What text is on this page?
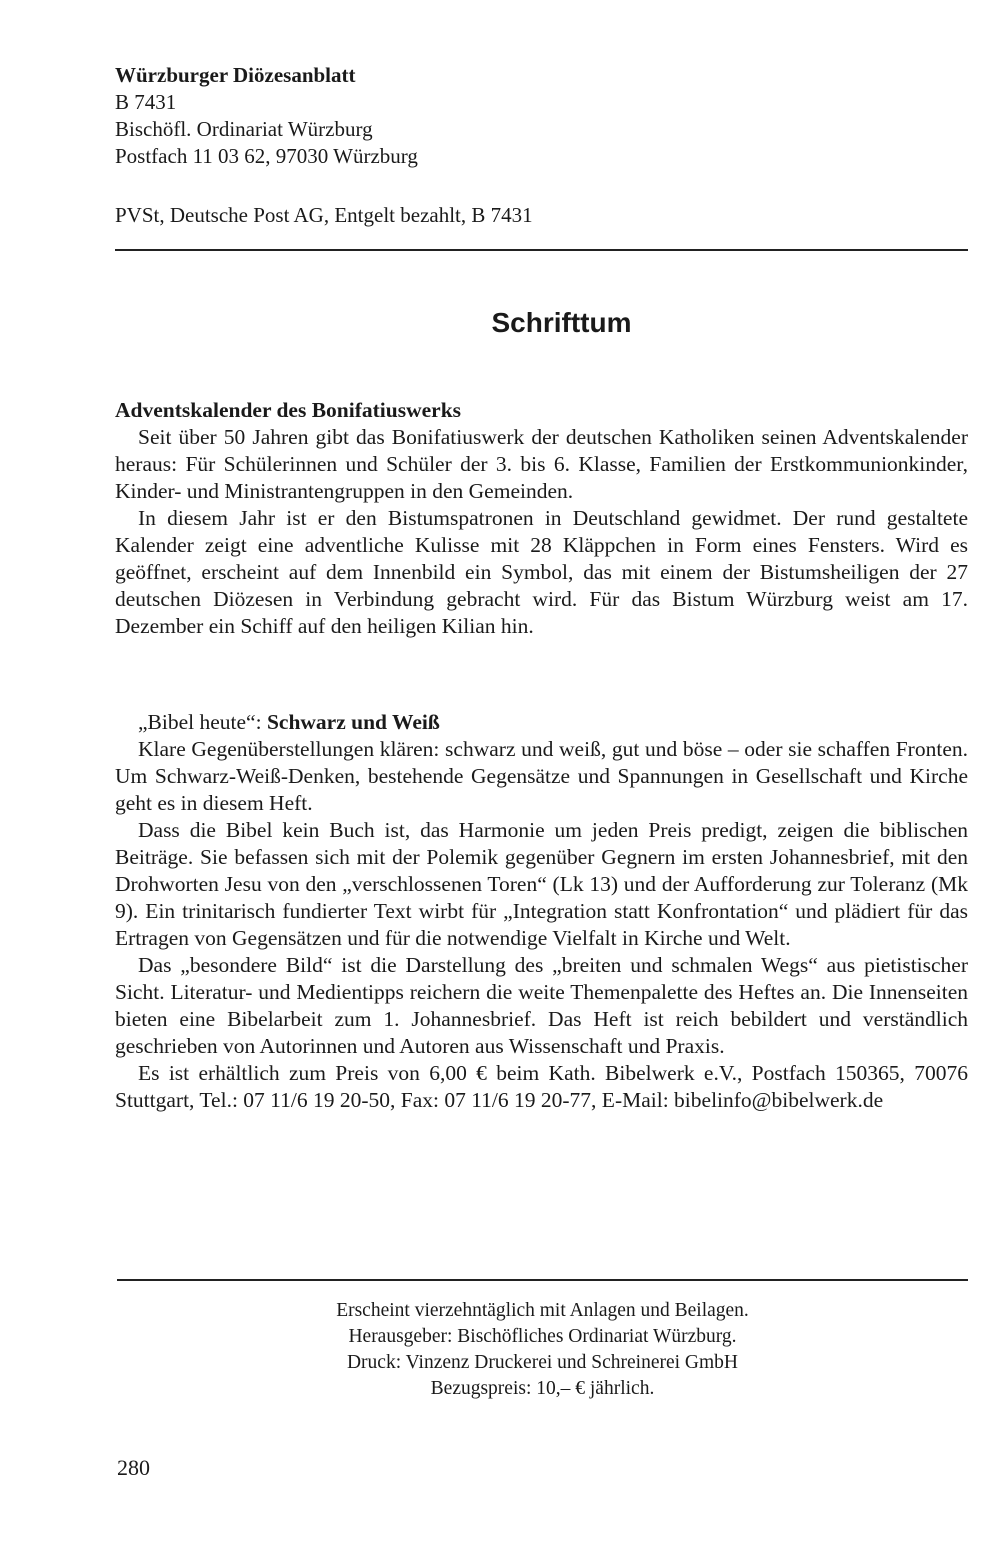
Würzburger Diözesanblatt
B 7431
Bischöfl. Ordinariat Würzburg
Postfach 11 03 62, 97030 Würzburg
PVSt, Deutsche Post AG, Entgelt bezahlt, B 7431
Schrifttum

Adventskalender des Bonifatiuswerks

Seit über 50 Jahren gibt das Bonifatiuswerk der deutschen Katholiken seinen Adventskalender heraus: Für Schülerinnen und Schüler der 3. bis 6. Klasse, Familien der Erstkommunionkinder, Kinder- und Ministrantengruppen in den Gemeinden.

In diesem Jahr ist er den Bistumspatronen in Deutschland gewidmet. Der rund gestaltete Kalender zeigt eine adventliche Kulisse mit 28 Kläppchen in Form eines Fensters. Wird es geöffnet, erscheint auf dem Innenbild ein Symbol, das mit einem der Bistumsheiligen der 27 deutschen Diözesen in Verbindung gebracht wird. Für das Bistum Würzburg weist am 17. Dezember ein Schiff auf den heiligen Kilian hin.

„Bibel heute“: Schwarz und Weiß

Klare Gegenüberstellungen klären: schwarz und weiß, gut und böse – oder sie schaffen Fronten. Um Schwarz-Weiß-Denken, bestehende Gegensätze und Spannungen in Gesellschaft und Kirche geht es in diesem Heft.

Dass die Bibel kein Buch ist, das Harmonie um jeden Preis predigt, zeigen die biblischen Beiträge. Sie befassen sich mit der Polemik gegenüber Gegnern im ersten Johannesbrief, mit den Drohworten Jesu von den „verschlossenen Toren“ (Lk 13) und der Aufforderung zur Toleranz (Mk 9). Ein trinitarisch fundierter Text wirbt für „Integration statt Konfrontation“ und plädiert für das Ertragen von Gegensätzen und für die notwendige Vielfalt in Kirche und Welt.

Das „besondere Bild“ ist die Darstellung des „breiten und schmalen Wegs“ aus pietistischer Sicht. Literatur- und Medientipps reichern die weite Themenpalette des Heftes an. Die Innenseiten bieten eine Bibelarbeit zum 1. Johannesbrief. Das Heft ist reich bebildert und verständlich geschrieben von Autorinnen und Autoren aus Wissenschaft und Praxis.

Es ist erhältlich zum Preis von 6,00 € beim Kath. Bibelwerk e.V., Postfach 150365, 70076 Stuttgart, Tel.: 07 11/6 19 20-50, Fax: 07 11/6 19 20-77, E-Mail: bibelinfo@bibelwerk.de

Erscheint vierzehntäglich mit Anlagen und Beilagen.
Herausgeber: Bischöfliches Ordinariat Würzburg.
Druck: Vinzenz Druckerei und Schreinerei GmbH
Bezugspreis: 10,– € jährlich.
280
